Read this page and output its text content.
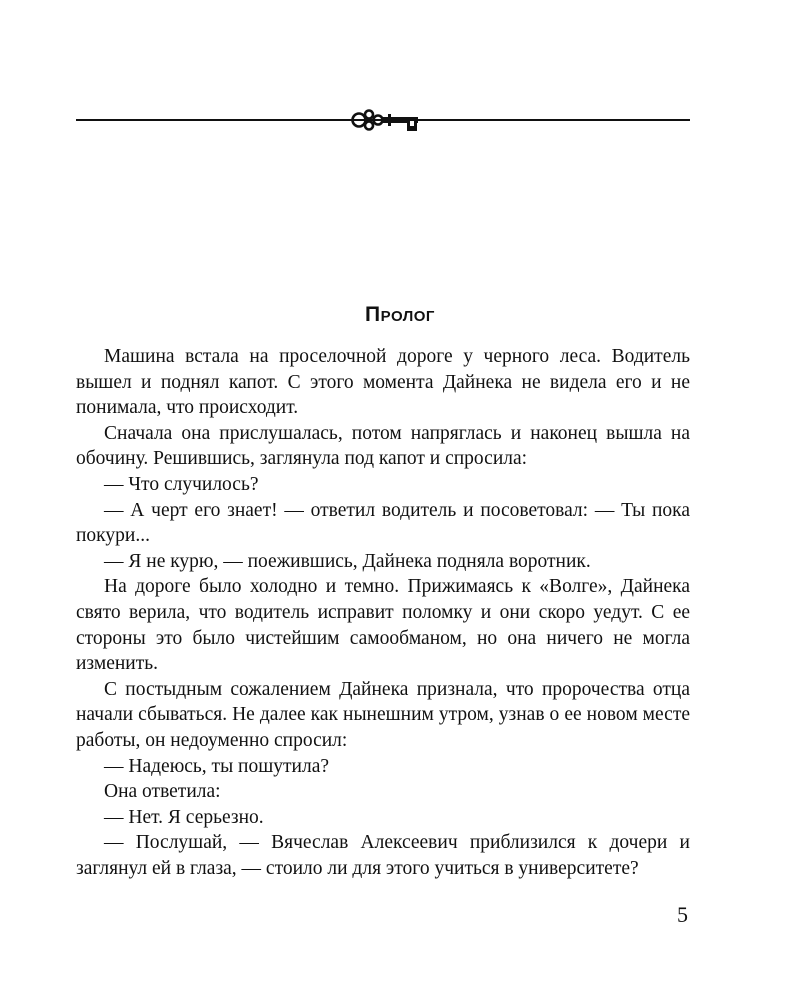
Пролог

Машина встала на проселочной дороге у черного леса. Водитель вышел и поднял капот. С этого момента Дайнека не видела его и не понимала, что происходит.

Сначала она прислушалась, потом напряглась и наконец вышла на обочину. Решившись, заглянула под капот и спросила:

— Что случилось?

— А черт его знает! — ответил водитель и посоветовал: — Ты пока покури...

— Я не курю, — поежившись, Дайнека подняла воротник.

На дороге было холодно и темно. Прижимаясь к «Волге», Дайнека свято верила, что водитель исправит поломку и они скоро уедут. С ее стороны это было чистейшим самообманом, но она ничего не могла изменить.

С постыдным сожалением Дайнека признала, что пророчества отца начали сбываться. Не далее как нынешним утром, узнав о ее новом месте работы, он недоуменно спросил:

— Надеюсь, ты пошутила?

Она ответила:

— Нет. Я серьезно.

— Послушай, — Вячеслав Алексеевич приблизился к дочери и заглянул ей в глаза, — стоило ли для этого учиться в университете?

5
